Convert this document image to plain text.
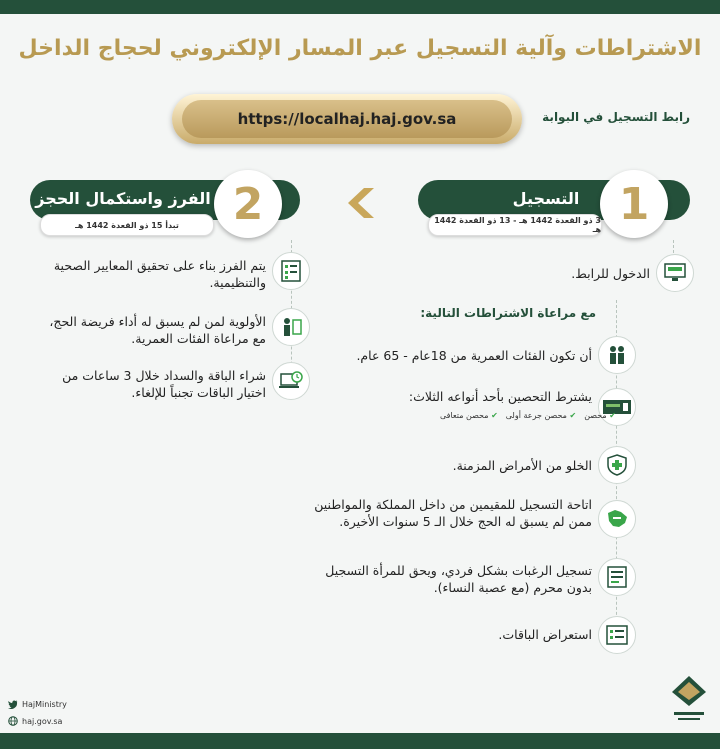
الاشتراطات وآلية التسجيل عبر المسار الإلكتروني لحجاج الداخل
رابط التسجيل في البوابة
https://localhaj.haj.gov.sa
التسجيل 1
3 ذو القعدة 1442 هـ - 13 ذو القعدة 1442 هـ
الفرز واستكمال الحجز 2
تبدأ 15 ذو القعدة 1442 هـ
الدخول للرابط.
مع مراعاة الاشتراطات التالية:
أن تكون الفئات العمرية من 18عام - 65 عام.
يشترط التحصين بأحد أنواعه الثلاث:
✔ محصن
✔ محصن جرعة أولى
✔ محصن متعافى
الخلو من الأمراض المزمنة.
اتاحة التسجيل للمقيمين من داخل المملكة والمواطنين ممن لم يسبق له الحج خلال الـ 5 سنوات الأخيرة.
تسجيل الرغبات بشكل فردي، ويحق للمرأة التسجيل بدون محرم (مع عصبة النساء).
استعراض الباقات.
يتم الفرز بناء على تحقيق المعايير الصحية والتنظيمية.
الأولوية لمن لم يسبق له أداء فريضة الحج، مع مراعاة الفئات العمرية.
شراء الباقة والسداد خلال 3 ساعات من اختيار الباقات تجنباً للإلغاء.
HajMinistry
haj.gov.sa
